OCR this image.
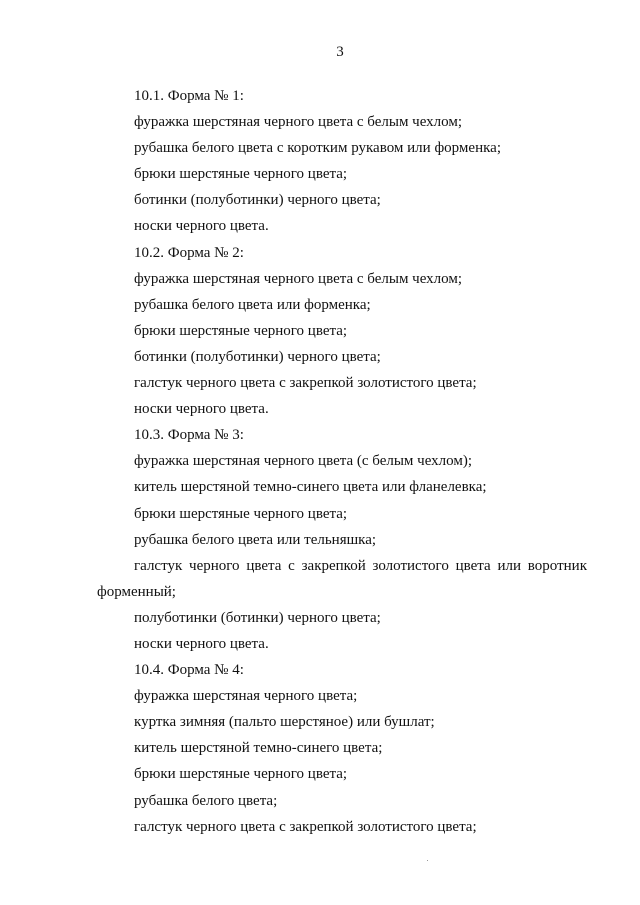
3
10.1. Форма № 1:
фуражка шерстяная черного цвета с белым чехлом;
рубашка белого цвета с коротким рукавом или форменка;
брюки шерстяные черного цвета;
ботинки (полуботинки) черного цвета;
носки черного цвета.
10.2. Форма № 2:
фуражка шерстяная черного цвета с белым чехлом;
рубашка белого цвета или форменка;
брюки шерстяные черного цвета;
ботинки (полуботинки) черного цвета;
галстук черного цвета с закрепкой золотистого цвета;
носки черного цвета.
10.3. Форма № 3:
фуражка шерстяная черного цвета (с белым чехлом);
китель шерстяной темно-синего цвета или фланелевка;
брюки шерстяные черного цвета;
рубашка белого цвета или тельняшка;
галстук черного цвета с закрепкой золотистого цвета или воротник
форменный;
полуботинки (ботинки) черного цвета;
носки черного цвета.
10.4. Форма № 4:
фуражка шерстяная черного цвета;
куртка зимняя (пальто шерстяное) или бушлат;
китель шерстяной темно-синего цвета;
брюки шерстяные черного цвета;
рубашка белого цвета;
галстук черного цвета с закрепкой золотистого цвета;
